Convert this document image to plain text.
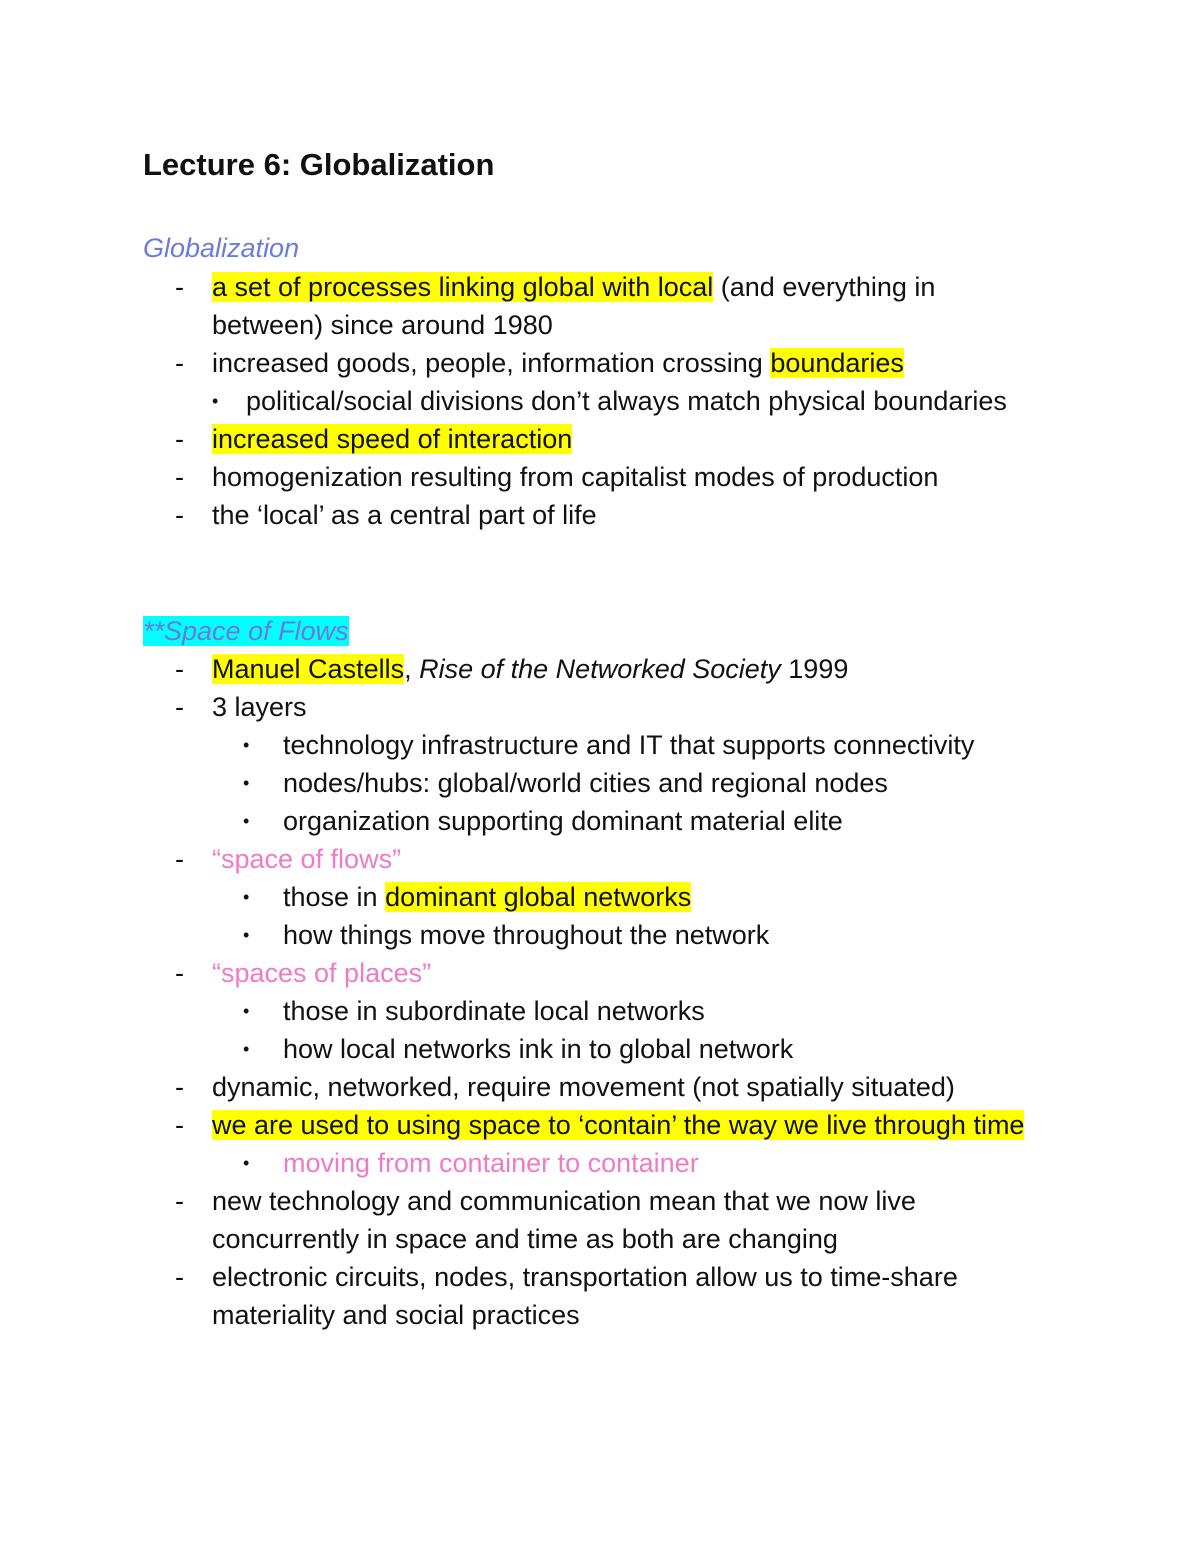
Lecture 6: Globalization

Globalization

- a set of processes linking global with local (and everything in between) since around 1980
- increased goods, people, information crossing boundaries
• political/social divisions don’t always match physical boundaries
- increased speed of interaction
- homogenization resulting from capitalist modes of production
- the ‘local’ as a central part of life

**Space of Flows

- Manuel Castells, Rise of the Networked Society 1999
- 3 layers
• technology infrastructure and IT that supports connectivity
• nodes/hubs: global/world cities and regional nodes
• organization supporting dominant material elite
- “space of flows”
• those in dominant global networks
• how things move throughout the network
- “spaces of places”
• those in subordinate local networks
• how local networks ink in to global network
- dynamic, networked, require movement (not spatially situated)
- we are used to using space to ‘contain’ the way we live through time
• moving from container to container
- new technology and communication mean that we now live concurrently in space and time as both are changing
- electronic circuits, nodes, transportation allow us to time-share materiality and social practices
